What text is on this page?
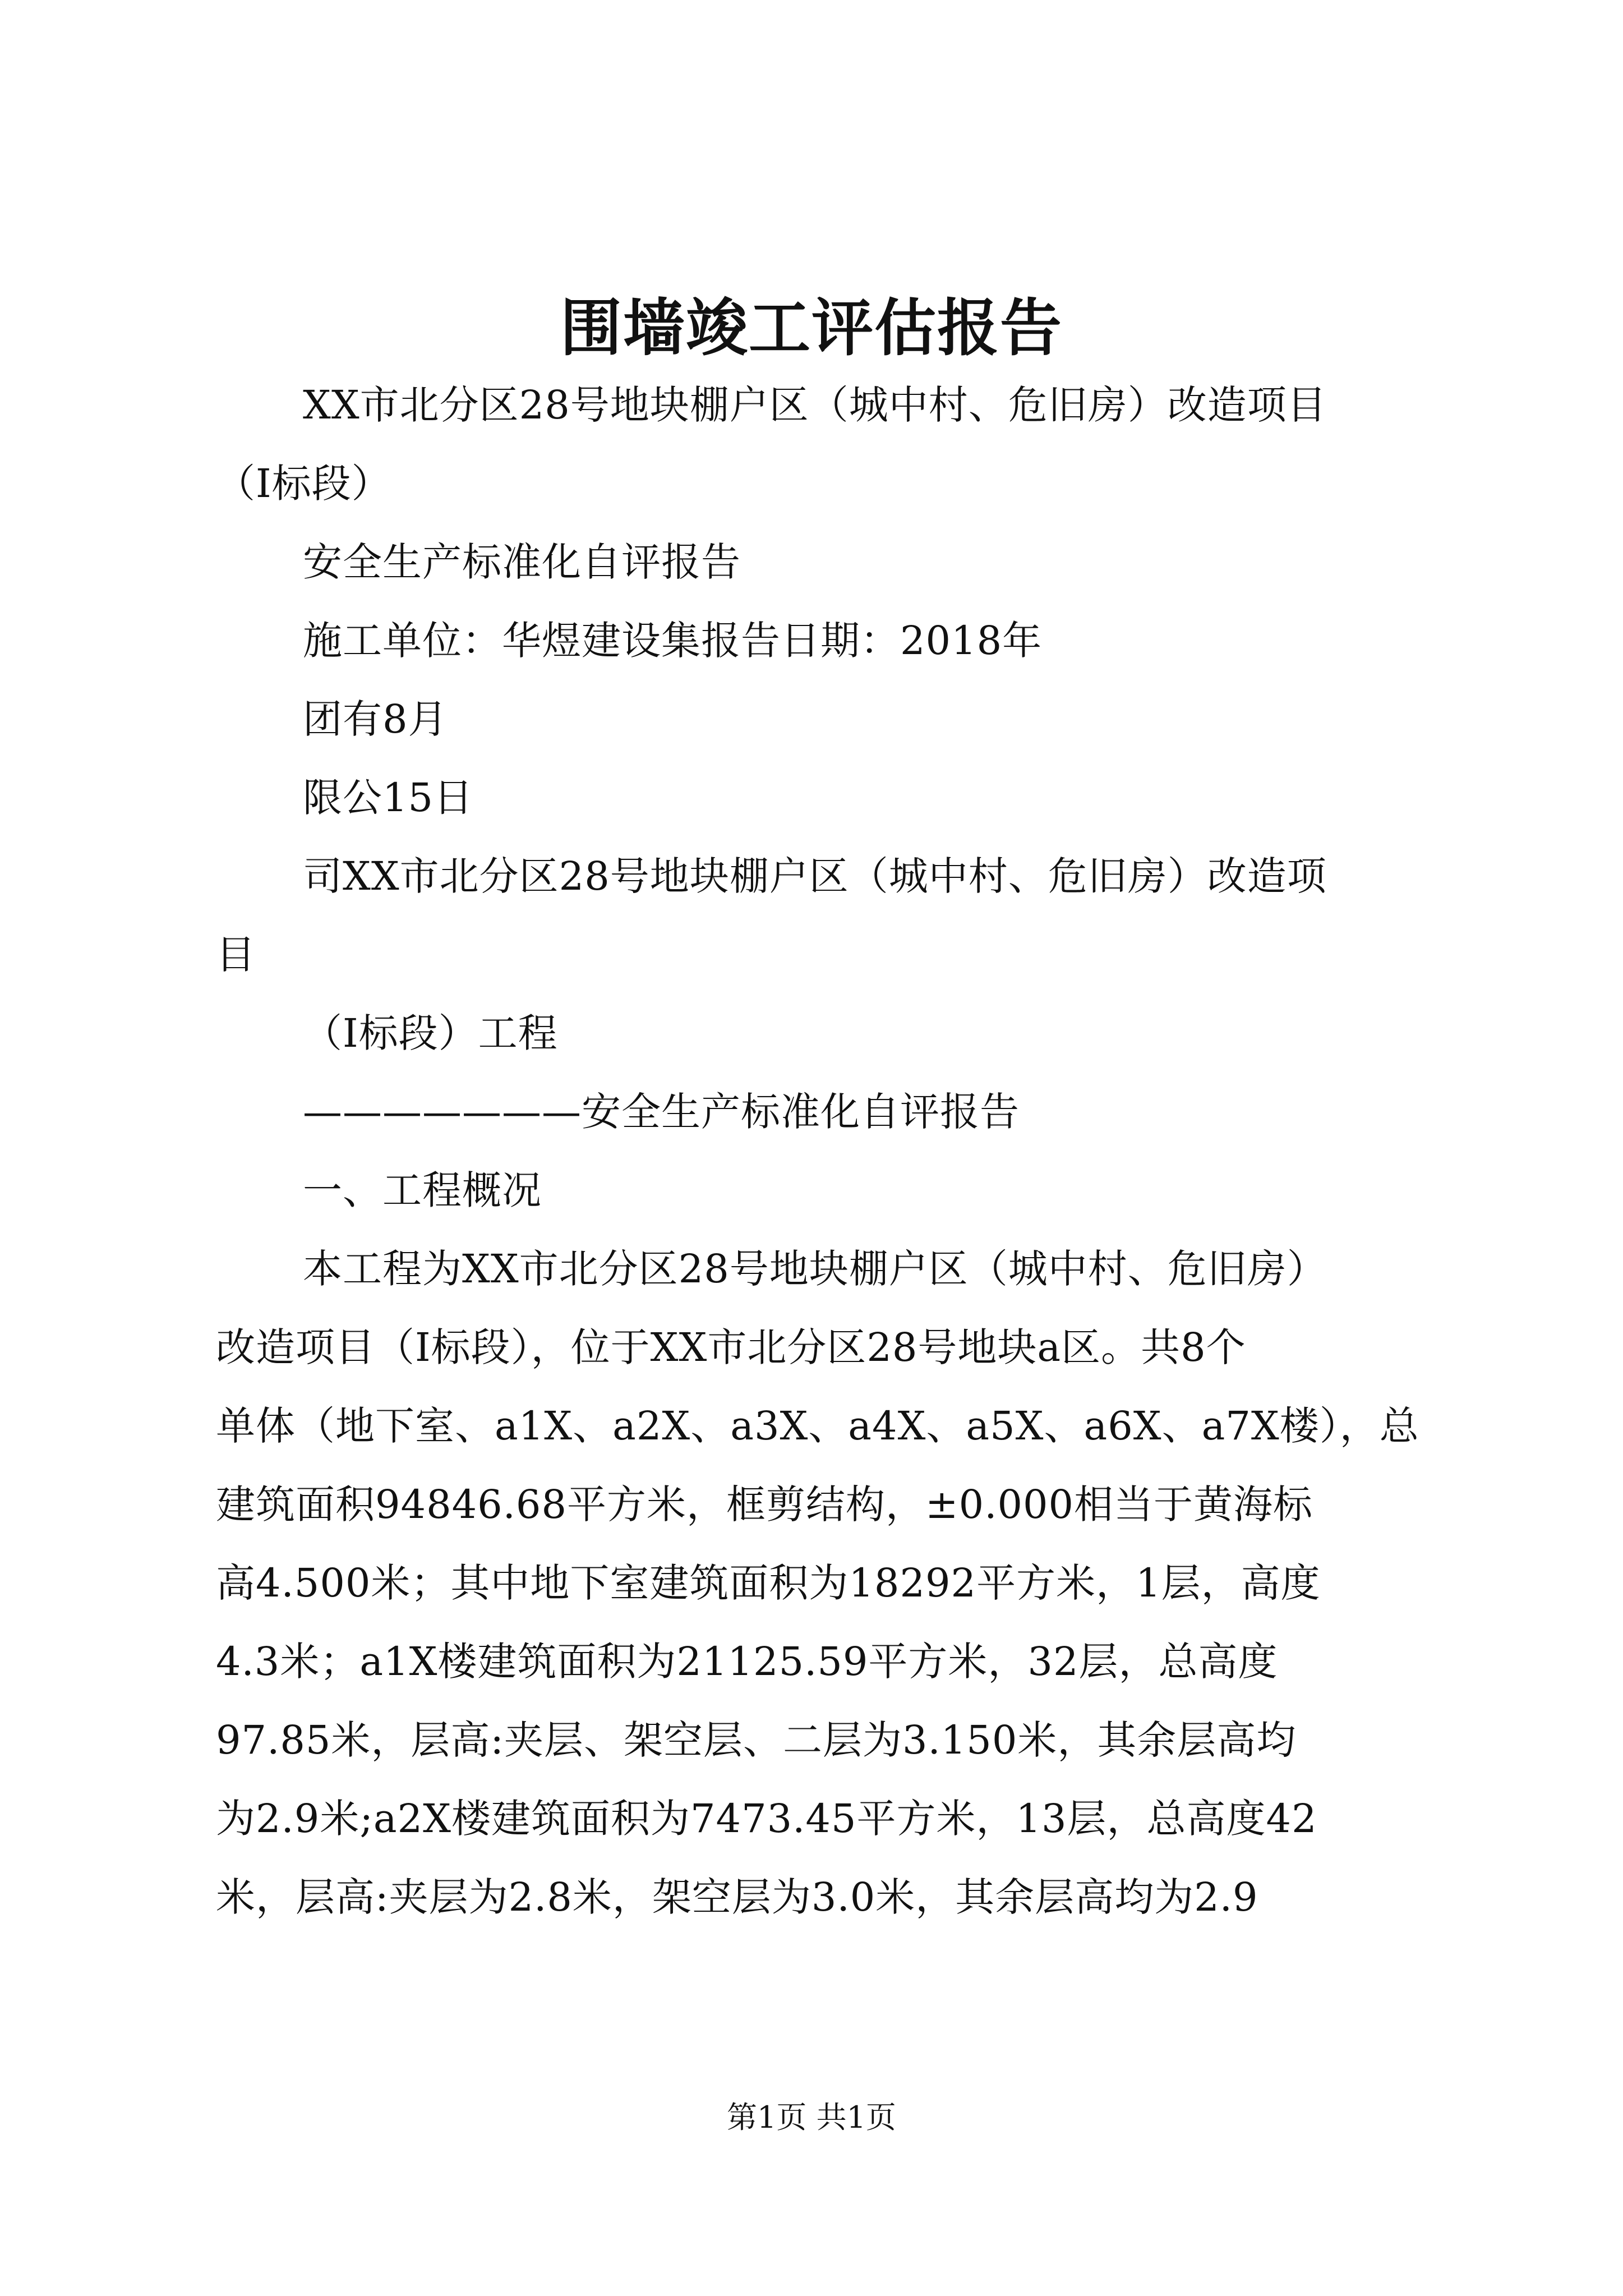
围墙竣工评估报告
XX市北分区28号地块棚户区（城中村、危旧房）改造项目
（Ⅰ标段）
安全生产标准化自评报告
施工单位：华煜建设集报告日期：2018年
团有8月
限公15日
司XX市北分区28号地块棚户区（城中村、危旧房）改造项
目
（Ⅰ标段）工程
———————安全生产标准化自评报告
一、工程概况
本工程为XX市北分区28号地块棚户区（城中村、危旧房）
改造项目（Ⅰ标段），位于XX市北分区28号地块a区。共8个
单体（地下室、a1X、a2X、a3X、a4X、a5X、a6X、a7X楼），总
建筑面积94846.68平方米，框剪结构，±0.000相当于黄海标
高4.500米；其中地下室建筑面积为18292平方米，1层，高度
4.3米；a1X楼建筑面积为21125.59平方米，32层，总高度
97.85米，层高:夹层、架空层、二层为3.150米，其余层高均
为2.9米;a2X楼建筑面积为7473.45平方米，13层，总高度42
米，层高:夹层为2.8米，架空层为3.0米，其余层高均为2.9
第1页 共1页
